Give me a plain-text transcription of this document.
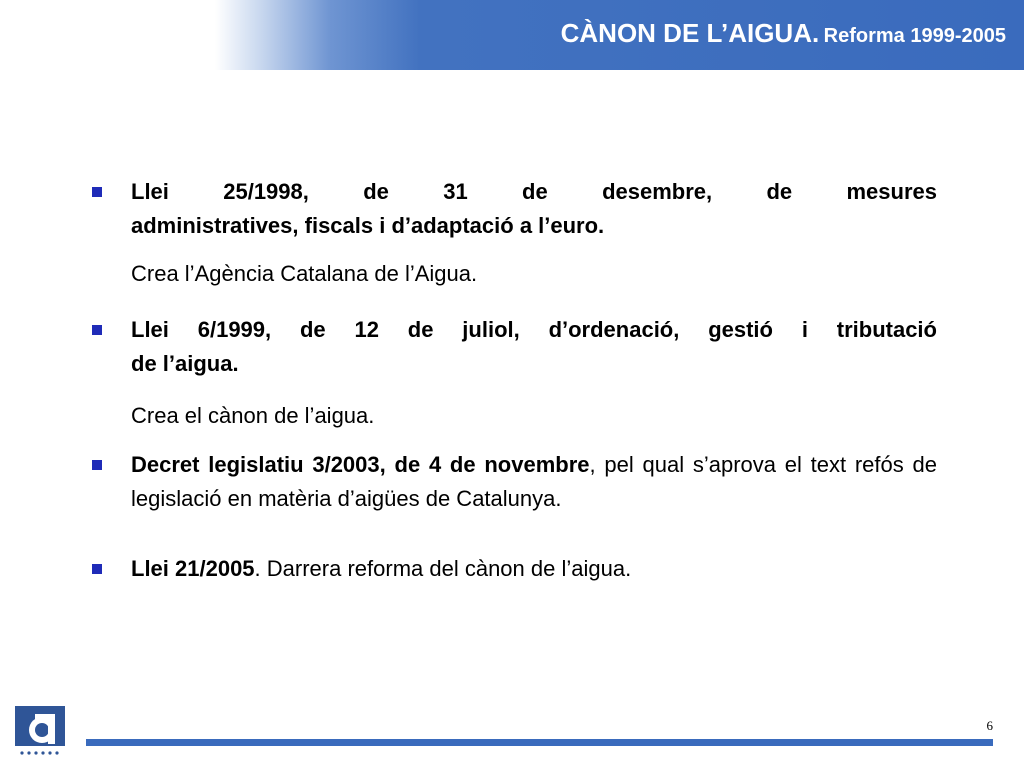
CÀNON DE L’AIGUA. Reforma 1999-2005

Llei 25/1998, de 31 de desembre, de mesures

administratives, fiscals i d’adaptació a l’euro.

Crea l’Agència Catalana de l’Aigua.

Llei 6/1999, de 12 de juliol, d’ordenació, gestió i tributació

de l’aigua.

Crea el cànon de l’aigua.

Decret legislatiu 3/2003, de 4 de novembre, pel qual s’aprova el text refós de legislació en matèria d’aigües de Catalunya.

Llei 21/2005. Darrera reforma del cànon de l’aigua.

6
